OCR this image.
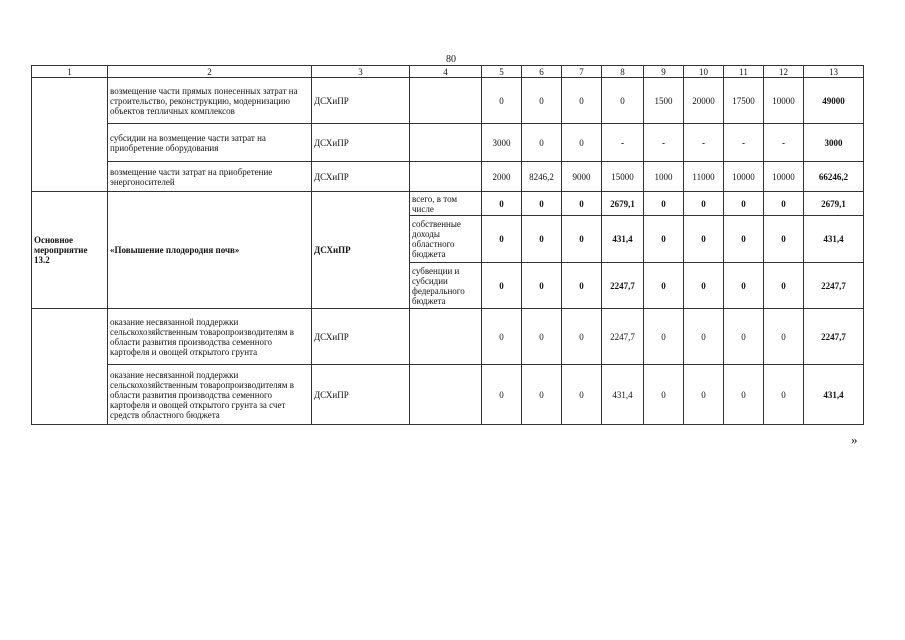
80
1	2	3	4	5	6	7	8	9	10	11	12	13
	возмещение части прямых понесенных затрат на строительство, реконструкцию, модернизацию объектов тепличных комплексов	ДСХиПР		0	0	0	0	1500	20000	17500	10000	49000
	субсидии на возмещение части затрат на приобретение оборудования	ДСХиПР		3000	0	0	-	-	-	-	-	3000
	возмещение части затрат на приобретение энергоносителей	ДСХиПР		2000	8246,2	9000	15000	1000	11000	10000	10000	66246,2
Основное мероприятие 13.2	«Повышение плодородия почв»	ДСХиПР	всего, в том числе	0	0	0	2679,1	0	0	0	0	2679,1
			собственные доходы областного бюджета	0	0	0	431,4	0	0	0	0	431,4
			субвенции и субсидии федерального бюджета	0	0	0	2247,7	0	0	0	0	2247,7
	оказание несвязанной поддержки сельскохозяйственным товаропроизводителям в области развития производства семенного картофеля и овощей открытого грунта	ДСХиПР		0	0	0	2247,7	0	0	0	0	2247,7
	оказание несвязанной поддержки сельскохозяйственным товаропроизводителям в области развития производства семенного картофеля и овощей открытого грунта за счет средств областного бюджета	ДСХиПР		0	0	0	431,4	0	0	0	0	431,4
»
